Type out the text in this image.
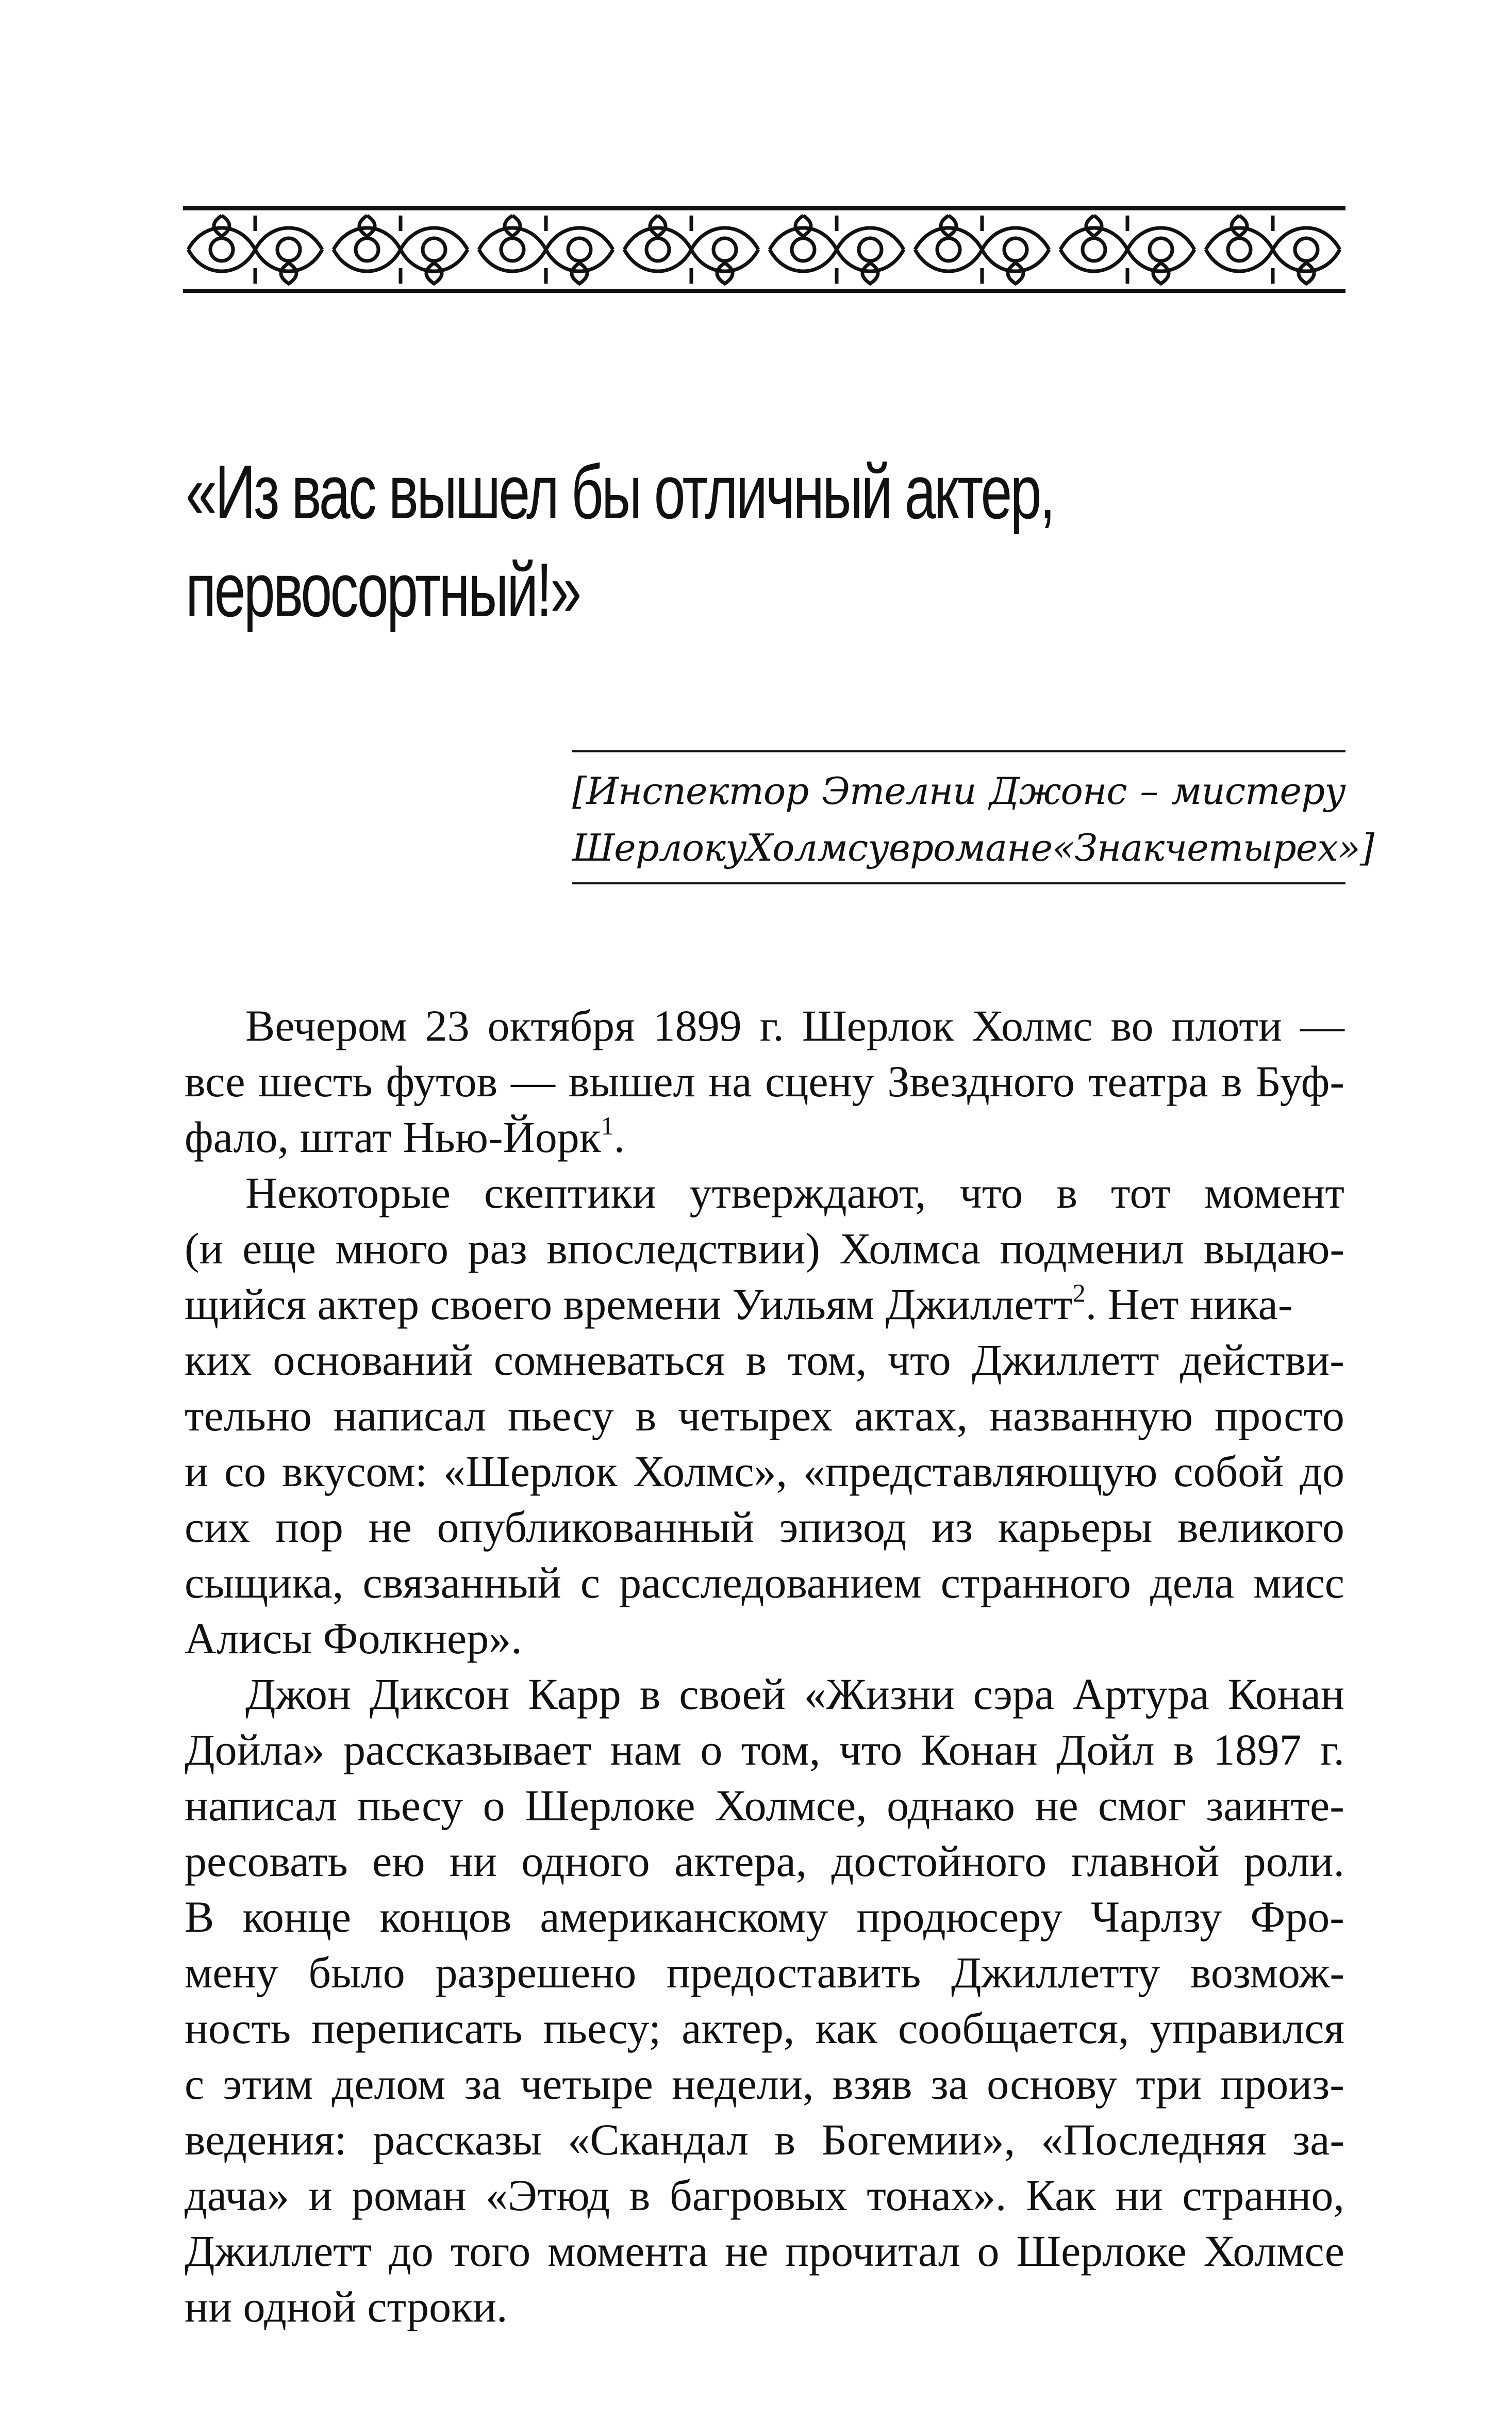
«Из вас вышел бы отличный актер,
первосортный!»
[Инспектор Этелни Джонс – мистеру
Шерлоку Холмсу в романе «Знак четырех»]
Вечером 23 октября 1899 г. Шерлок Холмс во плоти —
все шесть футов — вышел на сцену Звездного театра в Буф-
фало, штат Нью-Йорк$^1$.
Некоторые скептики утверждают, что в тот момент
(и еще много раз впоследствии) Холмса подменил выдаю-
щийся актер своего времени Уильям Джиллетт$^2$. Нет ника-
ких оснований сомневаться в том, что Джиллетт действи-
тельно написал пьесу в четырех актах, названную просто
и со вкусом: «Шерлок Холмс», «представляющую собой до
сих пор не опубликованный эпизод из карьеры великого
сыщика, связанный с расследованием странного дела мисс
Алисы Фолкнер».
Джон Диксон Карр в своей «Жизни сэра Артура Конан
Дойла» рассказывает нам о том, что Конан Дойл в 1897 г.
написал пьесу о Шерлоке Холмсе, однако не смог заинте-
ресовать ею ни одного актера, достойного главной роли.
В конце концов американскому продюсеру Чарлзу Фро-
мену было разрешено предоставить Джиллетту возмож-
ность переписать пьесу; актер, как сообщается, управился
с этим делом за четыре недели, взяв за основу три произ-
ведения: рассказы «Скандал в Богемии», «Последняя за-
дача» и роман «Этюд в багровых тонах». Как ни странно,
Джиллетт до того момента не прочитал о Шерлоке Холмсе
ни одной строки.
